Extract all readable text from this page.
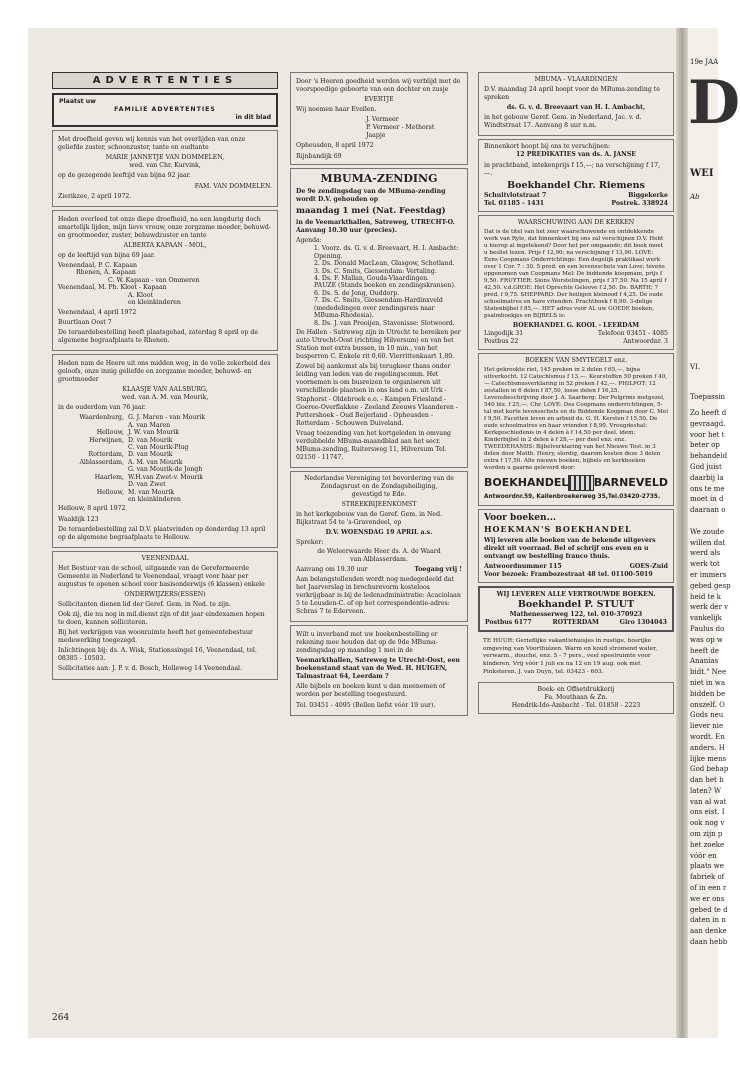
ADVERTENTIES
Plaatst uw
FAMILIE ADVERTENTIES
in dit blad
Met droefheid geven wij kennis van het overlijden van onze geliefde zuster, schoonzuster, tante en oudtante
MARIE JANNETJE VAN DOMMELEN,
wed. van Chr. Kurvink,
op de gezegende leeftijd van bijna 92 jaar.
FAM. VAN DOMMELEN.
Zierikzee, 2 april 1972.
Heden overleed tot onze diepe droefheid, na een langdurig doch smartelijk lijden, mijn lieve vrouw, onze zorgzame moeder, behuwd- en grootmoeder, zuster, behuwdzuster en tante
ALBERTA KAPAAN - MOL,
op de leeftijd van bijna 69 jaar.
Veenendaal, P. C. Kapaan
Rhenen, A. Kapaan
C. W. Kapaan - van Ommeren
Veenendaal, M. Ph. Kloot - Kapaan
A. Kloot
en kleinkinderen
Veenendaal, 4 april 1972
Buurtlaan Oost 7
De teraardebestelling heeft plaatsgehad, zaterdag 8 april op de algemene begraafplaats te Rhenen.
Heden nam de Heere uit ons midden weg, in de volle zekerheid des geloofs, onze innig geliefde en zorgzame moeder, behuwd- en grootmoeder
KLAASJE VAN AALSBURG,
wed. van A. M. van Mourik,
in de ouderdom van 76 jaar.
Waardenburg, G. J. Maren - van Mourik
A. van Maren
Hellouw, J. W. van Mourik
Herwijnen, D. van Mourik
C. van Mourik-Plug
Rotterdam, D. van Mourik
Alblasserdam, A. M. van Mourik
G. van Mourik-de Jongh
Haarlem, W.H.van Zwet-v. Mourik
D. van Zwet
Hellouw, M. van Mourik
en kleinkinderen
Hellouw, 8 april 1972
Waaldijk 123
De teraardebestelling zal D.V. plaatsvinden op donderdag 13 april op de algemene begraafplaats te Hellouw.
VEENENDAAL
Het Bestuur van de school, uitgaande van de Gereformeerde Gemeente in Nederland te Veenendaal, vraagt voor haar per augustus te openen school voor basisonderwijs (6 klassen) enkele
ONDERWIJZERS(ESSEN)
Sollicitanten dienen lid der Geref. Gem. in Ned. te zijn.
Ook zij, die nu nog in mil.dienst zijn of dit jaar eindexamen hopen te doen, kunnen solliciteren.
Bij het verkrijgen van woonruimte heeft het gemeentebestuur medewerking toegezegd.
Inlichtingen bij: ds. A. Wisk, Stationssingel 16, Veenendaal, tel. 08385 - 10503.
Sollicitaties aan: J. P. v. d. Bosch, Holleweg 14 Veenendaal.
Door 's Heeren goedheid werden wij verblijd met de voorspoedige geboorte van een dochter en zusje
EVERTJE
Wij noemen haar Evellen.
J. Vermeer
P. Vermeer - Methorst
Jaapje
Opheusden, 8 april 1972
Rijnbandijk 69
MBUMA-ZENDING
De 9e zendingsdag van de MBuma-zending wordt D.V. gehouden op
maandag 1 mei (Nat. Feestdag)
in de Veemarkthallen, Satreweg, UTRECHT-O. Aanvang 10.30 uur (precies).
Agenda:
1. Voorz. ds. G. v. d. Breevaart, H. I. Ambacht: Opening.
2. Ds. Donald MacLean, Glasgow, Schotland.
3. Ds. C. Smits, Giessendam: Vertaling.
4. Ds. F. Mallan, Gouda-Vlaardingen.
PAUZE (Stands boeken en zendingskransen).
6. Ds. S. de Jong, Ouddorp.
7. Ds. C. Smits, Giessendam-Hardinxveld (mededelingen over zendingsreis naar MBuma-Rhodesia).
8. Ds. J. van Prooijen, Stavenisse: Slotwoord.
De Hallen - Satreweg zijn in Utrecht te bereiken per auto Utrecht-Oost (richting Hilversum) en van het Station met extra bussen, in 10 min., van het busperron C. Enkele rit 0,60. Vierrittenkaart 1,80.
Zowel bij aankomst als bij terugkeer thans onder leiding van leden van de regelingscomm. Het voornemen is om busreizen te organiseren uit verschillende plaatsen in ons land o.m. uit Urk - Staphorst - Oldebroek e.o. - Kampen Friesland - Goeree-Overflakkee - Zeeland Zeeuws Vlaanderen - Puttershoek - Oud Beijerland - Opheusden - Rotterdam - Schouwen Duiveland.
Vraag toezending van het kortgeleden in omvang verdubbelde MBuma-maandblad aan het secr. MBuma-zending, Ruitersweg 11, Hilversum Tel. 02150 - 11747.
Nederlandse Vereniging tot bevordering van de Zondagsrust en de Zondagsheiliging,
gevestigd te Ede.
STREEKBIJEENKOMST
in het kerkgebouw van de Geref. Gem. in Ned. Rijkstraat 54 te 's-Gravendeel, op
D.V. WOENSDAG 19 APRIL a.s.
Spreker:
de Weleerwaarde Heer ds. A. de Waard
van Alblasserdam.
Aanvang om 19.30 uur	Toegang vrij !
Aan belangstellenden wordt nog medegedeeld dat het Jaarverslag in brochurevorm kosteloos verkrijgbaar is bij de ledenadministratie: Acaciolaan 5 te Leusden-C. of op het correspondentie-adres: Schras 7 te Ederveen.
Wilt u inverband met uw boekenbestelling er rekening mee houden dat op de 9de MBuma-zendingsdag op maandag 1 mei in de
Veemarkthallen, Satreweg te Utrecht-Oost, een boekenstand staat van de Wed. H. HUIGEN, Talmastraat 64, Leerdam ?
Alle bijbels en boeken kunt u dan meenemen of worden per bestelling toegestuurd.
Tel. 03451 - 4095 (Bellen liefst vóór 19 uur).
MBUMA - VLAARDINGEN
D.V. maandag 24 april hoopt voor de MBuma-zending te spreken
ds. G. v. d. Breevaart van H. I. Ambacht,
in het gebouw Geref. Gem. in Nederland, Jac. v. d. Windtstraat 17. Aanvang 8 uur n.m.
Binnenkort hoopt bij ons te verschijnen:
12 PREDIKATIES van ds. A. JANSE
in prachtband, intekenprijs f 15,—; na verschijning f 17,—.
Boekhandel Chr. Riemens
Schuitvlotstraat 7	Biggekerke
Tel. 01185 - 1431	Postrek. 338924
WAARSCHUWING AAN DE KERKEN
Dat is de titel van het zeer waarschuwende en ontdekkende werk van Ryle, dat binnenkort bij ons zal verschijnen D.V. Hebt u hierop al ingetekend? Door het per omgaande; dit boek moet u beslist lezen. Prijs f 12,90; na verschijning f 13,90. LOVE: Eens Coopmans Onderrichtinge: Een degelijk praktikaal werk over 1 Cor. 7 : 30. 5 pred. en een levensschets van Love; tevens opgenomen van Coopmans Mel: De biddende koopmam, prijs f 9,50. FRUYTIER: Sions Worstelingen, prijs f 37,50. Na 15 april f 42,50. v.d.GROE: Het Oprechte Geloove f 2,50. Ds. BARTH; 7 pred. f 9,75. SHEPPARD: Der heiligen kleinood f 4,25. De oude schoolmatres en hare vrienden. Prachtboek f 8,90. 3-delige Statenbijbel f 85,—. HET adres voor AL uw GOEDE boeken, psalmboekjes en BIJBELS is:
BOEKHANDEL G. KOOL - LEERDAM
Lingedijk 31	Telefoon 03451 - 4085
Postbus 22	Antwoordnr. 3
BOEKEN VAN SMYTEGELT enz.
Het gekrookte riet, 145 preken in 2 delen f 65,—, bijna uitverkocht. 12 Catechismus f 13,—. Keurstoffen 50 preken f 40,— Catechismusverklaring in 52 preken f 42,—. PHILPOT: 12 zestallen in 6 delen f 87,50, losse delen f 16,25. Levensbeschrijving door J. A. Saarberg: Der Pelgrims metgezel, 540 blz. f 25,—. Chr. LOVE: Des Coopmans onderrichtingen, 5-tal met korte levensschets en de Biddende Koopman door C. Mel f 9,50. Facetten leven en arbeid ds. G. H. Kersten f 15,50. De oude schoolmatres en haar vrienden f 8,90. Vreugdeshal: Kerkgeschiedenis in 4 delen à f 14,50 per deel. idem: Kinderbijbel in 2 delen à f 28,— per deel enz. enz. TWEEDEHANDS: Bijbelverklaring van het Nieuwe Test. in 3 delen door Matth. Henry, slordig, daarom kosten deze 3 delen extra f 17,50. Alle nieuwe boeken, bijbels en kerkboeken worden u gaarne geleverd door:
BOEKHANDEL BARNEVELD
Antwoordnr.59, Kallenbroekerweg 35,Tel.03420-2735.
Voor boeken...
HOEKMAN'S BOEKHANDEL
Wij leveren alle boeken van de bekende uitgevers direkt uit voorraad. Bel of schrijf ons even en u ontvangt uw bestelling franco thuis.
Antwoordnummer 115	GOES-Zuid
Voor bezoek: Frambozestraat 48 tel. 01100-5019
WIJ LEVEREN ALLE VERTROUWDE BOEKEN.
Boekhandel P. STUUT
Mathenesserweg 122, tel. 010-370923
Postbus 6177	ROTTERDAM	Giro 1304043
TE HUUR: Gerieflijke vakantiehuisjes in rustige, bosrijke omgeving van Voorthuizen. Warm en koud stromend water, verwarm., douche, enz. 5 - 7 pers., veel speelruimte voor kinderen. Vrij vóór 1 juli en na 12 en 19 aug. ook met Pinksteren. J. van Duyn, tel. 03423 - 603.
Boek- en Offsetdrukkerij
Fa. Mouthaan & Zn.
Hendrik-Ido-Ambacht - Tel. 01858 - 2223
264
19e JAA
D
WEI
Ab
VI.
Toepassin
Zo heeft d
gevraagd.
voor het t
beter op
behandeld
God juist
daarbij la
ons te me
moet in d
daaraan o

We zoude
willen dat
werd als
werk tot
er immers
gebed gesp
heid te k
werk der v
vankelijk
Paulus do
was op w
heeft de
Ananias
bidt." Nee
niet in wa
bidden be
onszelf. O
Gods neu
liever nie
wordt. En
anders. H
lijke mens
God behap
dan het b
laten? W
van al wat
ons eist. I
ook nog v
om zijn p
het zoeke
vóór en
plaats we
fabriek of
of in een r
we er ons
gebed te d
daten in n
aan denke
daan hebb
